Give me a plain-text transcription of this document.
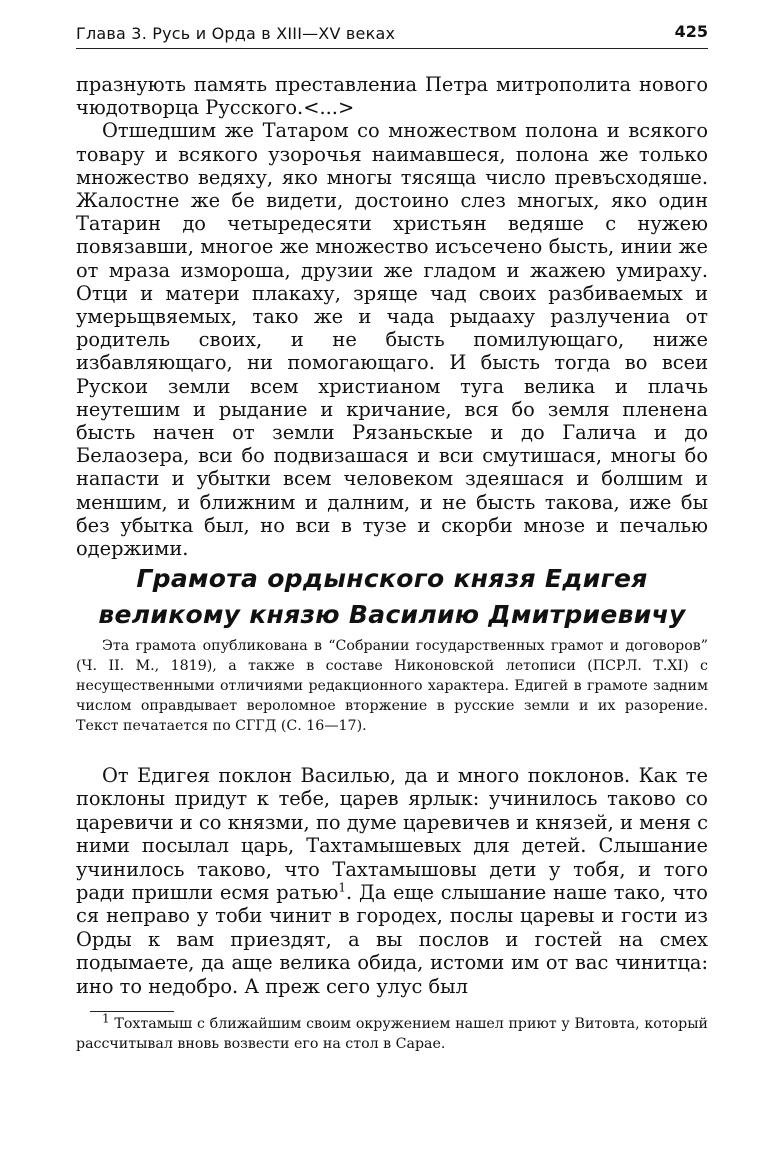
Глава 3. Русь и Орда в XIII—XV веках	425

празнують память преставлениа Петра митрополита нового чюдотворца Русского.<...>

Отшедшим же Татаром со множеством полона и всякого товару и всякого узорочья наимавшеся, полона же только множество ведяху, яко многы тясяща число превъсходяше. Жалостне же бе видети, достоино слез многых, яко один Татарин до четыредесяти христьян ведяше с нужею повязавши, многое же множество исъсечено бысть, инии же от мраза изморoша, друзии же гладом и жажею умираху. Отци и матери плакаху, зряще чад своих разбиваемых и умерьщвяемых, тако же и чада рыдааху разлучениа от родитель своих, и не бысть помилующаго, ниже избавляющаго, ни помогающаго. И бысть тогда во всеи Рускои земли всем христианом туга велика и плачь неутешим и рыдание и кричание, вся бо земля пленена бысть начен от земли Рязаньскые и до Галича и до Белаозера, вси бо подвизашася и вси смутишася, многы бо напасти и убытки всем человеком здеяшася и болшим и меншим, и ближним и далним, и не бысть такова, иже бы без убытка был, но вси в тузе и скорби мнозе и печалью одержими.

Грамота ордынского князя Едигея
великому князю Василию Дмитриевичу

Эта грамота опубликована в “Собрании государственных грамот и договоров” (Ч. II. М., 1819), а также в составе Никоновской летописи (ПСРЛ. Т.XI) с несущественными отличиями редакционного характера. Едигей в грамоте задним числом оправдывает вероломное вторжение в русские земли и их разорение. Текст печатается по СГГД (С. 16—17).

От Едигея поклон Василью, да и много поклонов. Как те поклоны придут к тебе, царев ярлык: учинилось таково со царевичи и со князми, по думе царевичев и князей, и меня с ними посылал царь, Тахтамышевых для детей. Слышание учинилось таково, что Тахтамышовы дети у тобя, и того ради пришли есмя ратью$^1$. Да еще слышание наше тако, что ся неправо у тоби чинит в городех, послы царевы и гости из Орды к вам приездят, а вы послов и гостей на смех подымаете, да аще велика обида, истоми им от вас чинитца: ино то недобро. А преж сего улус был

$^1$ Тохтамыш с ближайшим своим окружением нашел приют у Витовта, который рассчитывал вновь возвести его на стол в Сарае.
